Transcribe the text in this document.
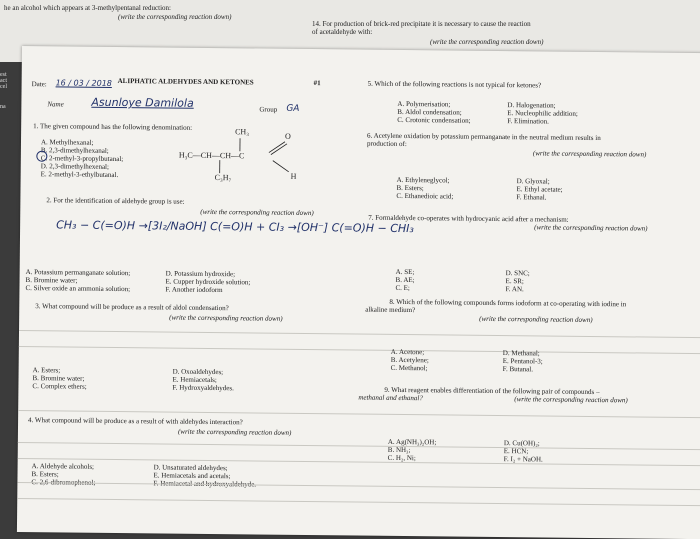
he an alcohol which appears at 3-methylpentanal reduction:
(write the corresponding reaction down)
14. For production of brick-red precipitate it is necessary to cause the reaction
of acetaldehyde with:
(write the corresponding reaction down)
est
act
cel
na
Date: 16 / 03 / 2018 ALIPHATIC ALDEHYDES AND KETONES	#1
Name	Asunloye Damilola	Group GA
1. The given compound has the following denomination:
A. Methylhexanal;
B. 2,3-dimethylhexanal;
C. 2-methyl-3-propylbutanal;
D. 2,3-dimethylhexenal;
E. 2-methyl-3-ethylbutanal.
CH₃	O
H₃C—CH—CH—C
C₃H₇	H
2. For the identification of aldehyde group is use:
(write the corresponding reaction down)
CH₃ − C(=O)H →[3I₂/NaOH] C(=O)H + CI₃ →[OH⁻] C(=O)H − CHI₃
A. Potassium permanganate solution;
B. Bromine water;
C. Silver oxide an ammonia solution;
D. Potassium hydroxide;
E. Cupper hydroxide solution;
F. Another iodoform
3. What compound will be produce as a result of aldol condensation?
(write the corresponding reaction down)
A. Esters;
B. Bromine water;
C. Complex ethers;
D. Oxoaldehydes;
E. Hemiacetals;
F. Hydroxyaldehydes.
4. What compound will be produce as a result of with aldehydes interaction?
(write the corresponding reaction down)
A. Aldehyde alcohols;
B. Esters;
C. 2,6-dibromophenol;
D. Unsaturated aldehydes;
E. Hemiacetals and acetals;
F. Hemiacetal and hydroxyaldehyde.
5. Which of the following reactions is not typical for ketones?
A. Polymerisation;
B. Aldol condensation;
C. Crotonic condensation;
D. Halogenation;
E. Nucleophilic addition;
F. Elimination.
6. Acetylene oxidation by potassium permanganate in the neutral medium results in
production of:
(write the corresponding reaction down)
A. Ethyleneglycol;
B. Esters;
C. Ethanedioic acid;
D. Glyoxal;
E. Ethyl acetate;
F. Ethanal.
7. Formaldehyde co-operates with hydrocyanic acid after a mechanism:
(write the corresponding reaction down)
A. SE;
B. AE;
C. E;
D. SNC;
E. SR;
F. AN.
8. Which of the following compounds forms iodoform at co-operating with iodine in
alkaline medium?
(write the corresponding reaction down)
A. Acetone;
B. Acetylene;
C. Methanol;
D. Methanal;
E. Pentanol-3;
F. Butanal.
9. What reagent enables differentiation of the following pair of compounds –
methanal and ethanal?	(write the corresponding reaction down)
A. Ag(NH₃)₂OH;
B. NH₃;
C. H₂, Ni;
D. Cu(OH)₂;
E. HCN;
F. I₂ + NaOH.
